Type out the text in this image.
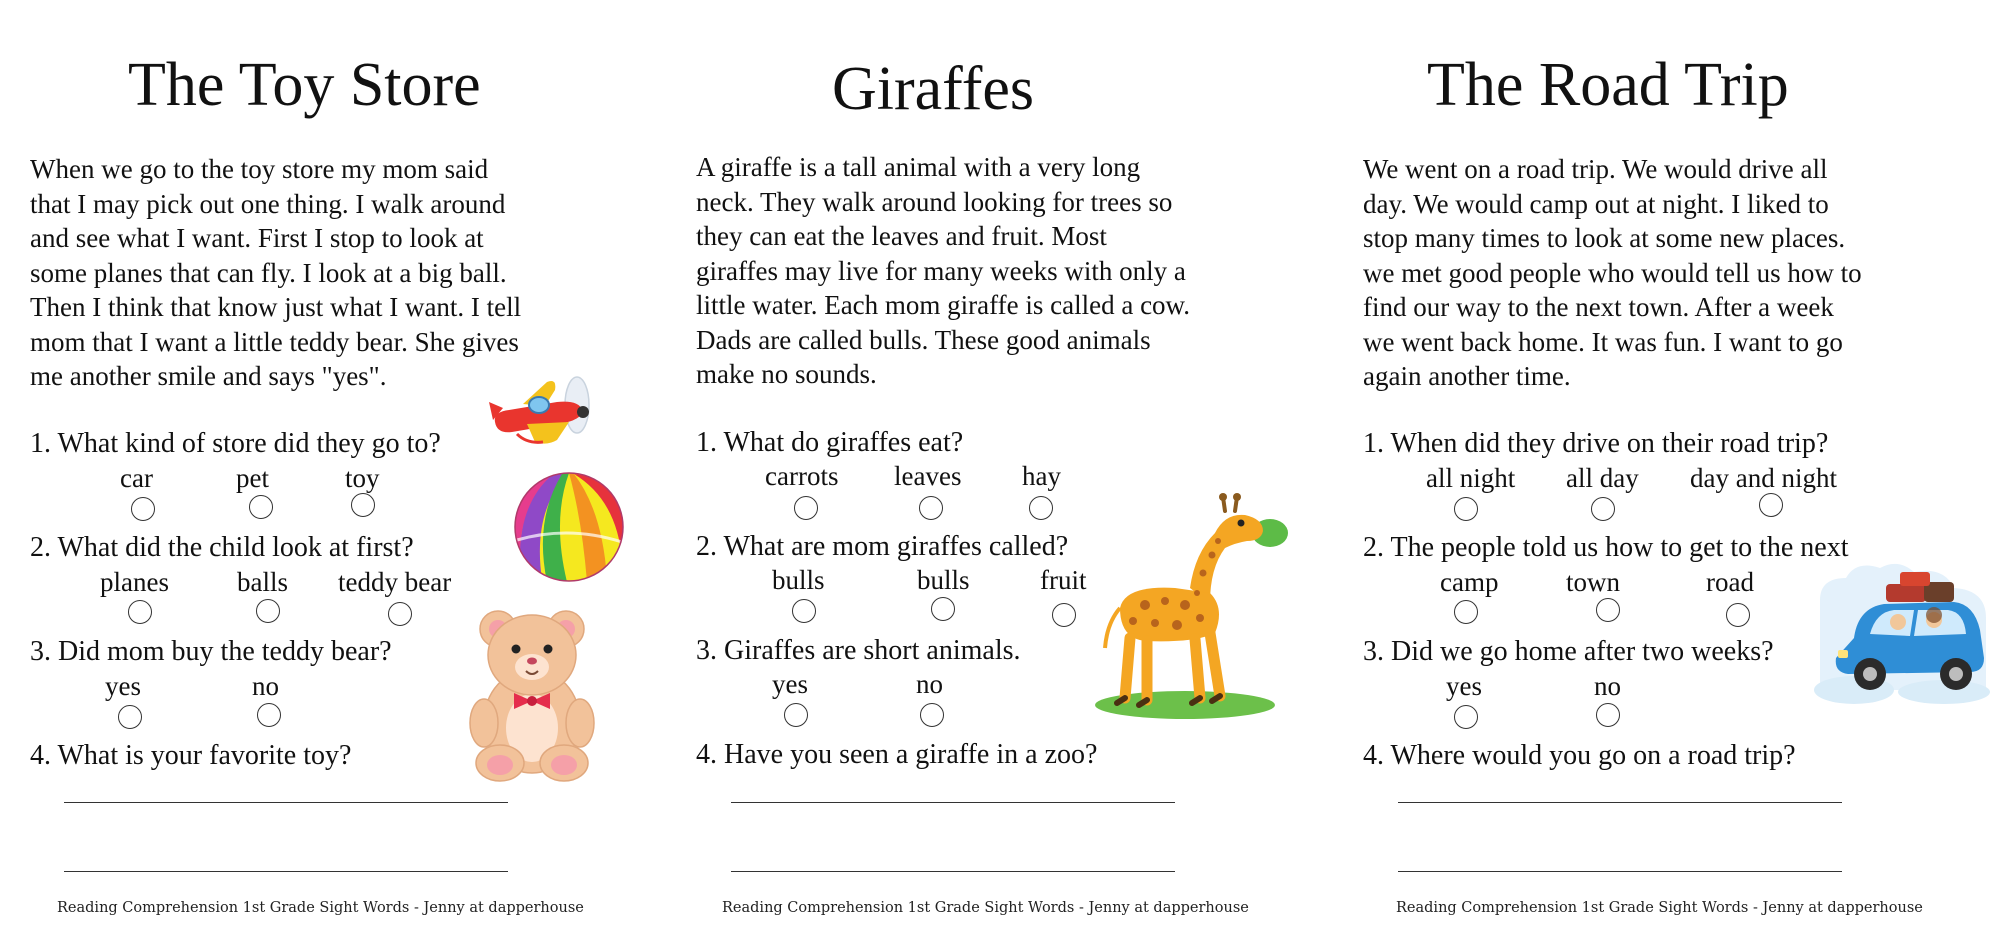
The Toy Store
When we go to the toy store my mom said
that I may pick out one thing. I walk around
and see what I want. First I stop to look at
some planes that can fly. I look at a big ball.
Then I think that know just what I want. I tell
mom that I want a little teddy bear. She gives
me another smile and says "yes".
1. What kind of store did they go to?
car	pet	toy
2. What did the child look at first?
planes	balls teddy bear
3. Did mom buy the teddy bear?
yes	no
4. What is your favorite toy?
Reading Comprehension 1st Grade Sight Words - Jenny at dapperhouse
Giraffes
A giraffe is a tall animal with a very long
neck. They walk around looking for trees so
they can eat the leaves and fruit. Most
giraffes may live for many weeks with only a
little water. Each mom giraffe is called a cow.
Dads are called bulls. These good animals
make no sounds.
1. What do giraffes eat?
carrots leaves hay
2. What are mom giraffes called?
bulls	bulls	fruit
3. Giraffes are short animals.
yes	no
4. Have you seen a giraffe in a zoo?
Reading Comprehension 1st Grade Sight Words - Jenny at dapperhouse
The Road Trip
We went on a road trip. We would drive all
day. We would camp out at night. I liked to
stop many times to look at some new places.
we met good people who would tell us how to
find our way to the next town. After a week
we went back home. It was fun. I want to go
again another time.
1. When did they drive on their road trip?
all night all day day and night
2. The people told us how to get to the next
camp	town	road
3. Did we go home after two weeks?
yes	no
4. Where would you go on a road trip?
Reading Comprehension 1st Grade Sight Words - Jenny at dapperhouse
